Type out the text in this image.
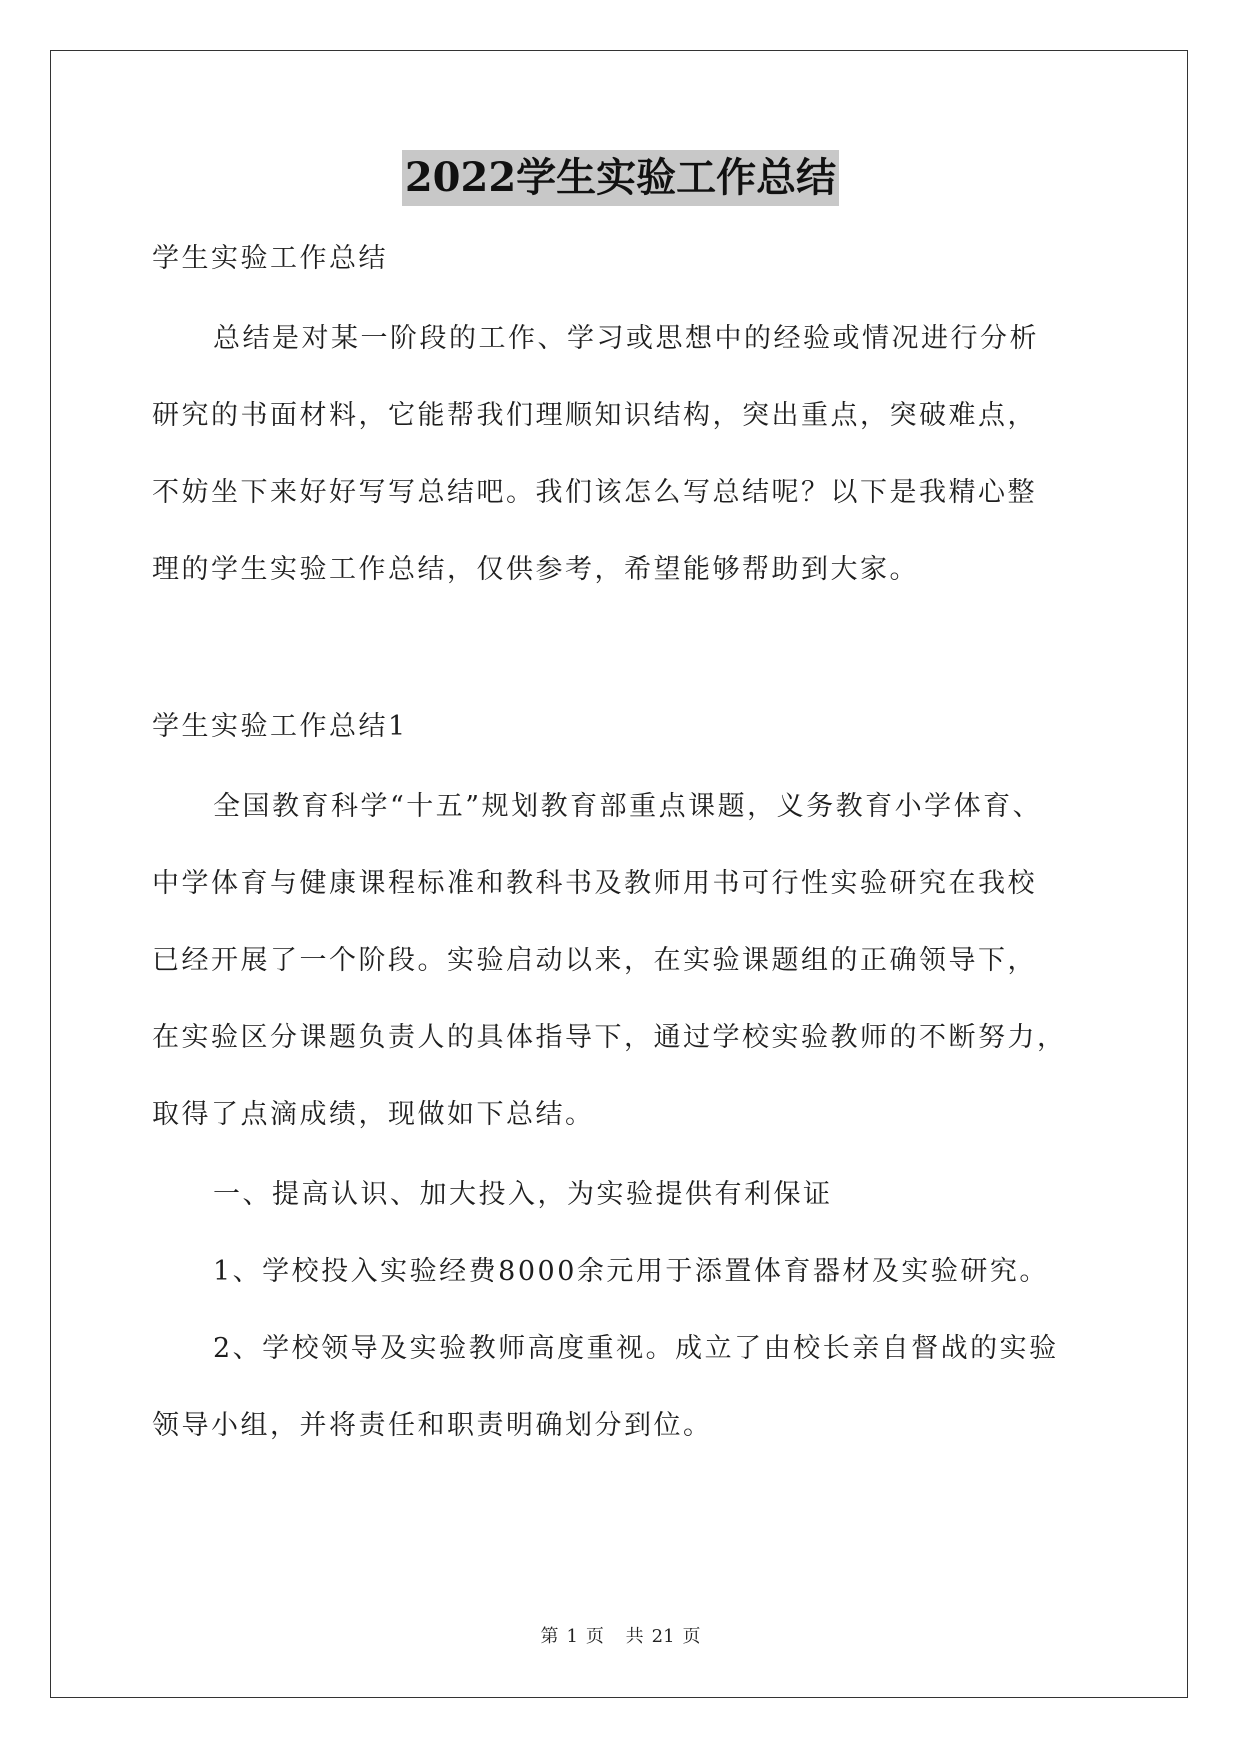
2022学生实验工作总结
学生实验工作总结
总结是对某一阶段的工作、学习或思想中的经验或情况进行分析
研究的书面材料，它能帮我们理顺知识结构，突出重点，突破难点，
不妨坐下来好好写写总结吧。我们该怎么写总结呢？以下是我精心整
理的学生实验工作总结，仅供参考，希望能够帮助到大家。
学生实验工作总结1
全国教育科学“十五”规划教育部重点课题，义务教育小学体育、
中学体育与健康课程标准和教科书及教师用书可行性实验研究在我校
已经开展了一个阶段。实验启动以来，在实验课题组的正确领导下，
在实验区分课题负责人的具体指导下，通过学校实验教师的不断努力，
取得了点滴成绩，现做如下总结。
一、提高认识、加大投入，为实验提供有利保证
1、学校投入实验经费8000余元用于添置体育器材及实验研究。
2、学校领导及实验教师高度重视。成立了由校长亲自督战的实验
领导小组，并将责任和职责明确划分到位。
第 1 页 共 21 页
